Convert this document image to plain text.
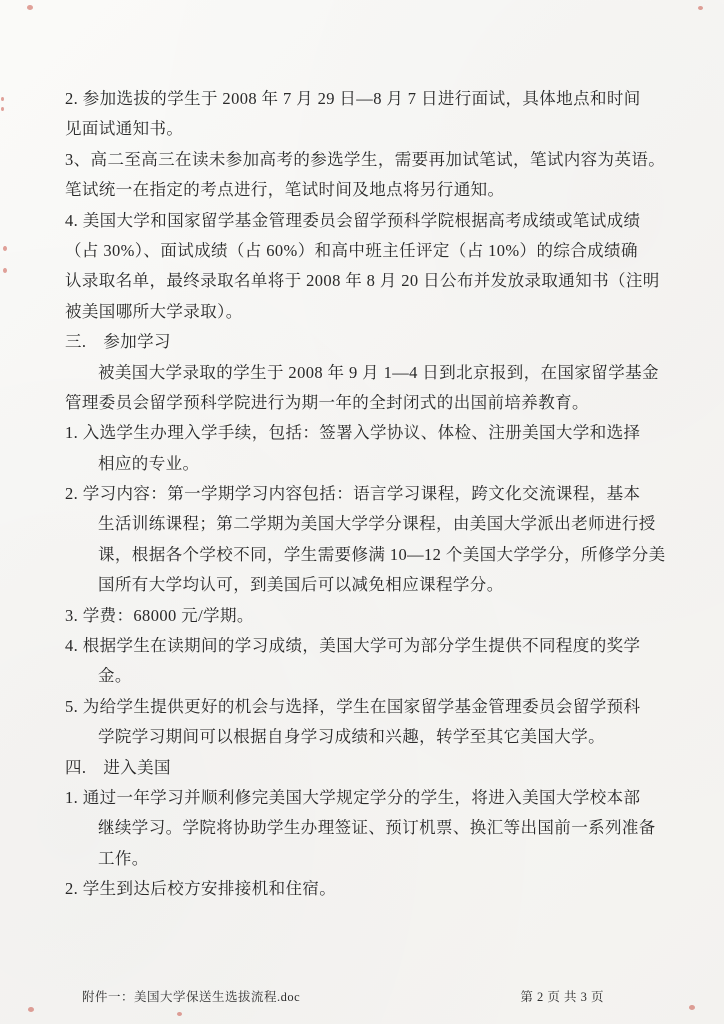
2. 参加选拔的学生于 2008 年 7 月 29 日—8 月 7 日进行面试，具体地点和时间
见面试通知书。
3、高二至高三在读未参加高考的参选学生，需要再加试笔试，笔试内容为英语。
笔试统一在指定的考点进行，笔试时间及地点将另行通知。
4. 美国大学和国家留学基金管理委员会留学预科学院根据高考成绩或笔试成绩
（占 30%）、面试成绩（占 60%）和高中班主任评定（占 10%）的综合成绩确
认录取名单，最终录取名单将于 2008 年 8 月 20 日公布并发放录取通知书（注明
被美国哪所大学录取）。
三.　参加学习
被美国大学录取的学生于 2008 年 9 月 1—4 日到北京报到，在国家留学基金
管理委员会留学预科学院进行为期一年的全封闭式的出国前培养教育。
1. 入选学生办理入学手续，包括：签署入学协议、体检、注册美国大学和选择
相应的专业。
2. 学习内容：第一学期学习内容包括：语言学习课程，跨文化交流课程，基本
生活训练课程；第二学期为美国大学学分课程，由美国大学派出老师进行授
课，根据各个学校不同，学生需要修满 10—12 个美国大学学分，所修学分美
国所有大学均认可，到美国后可以减免相应课程学分。
3. 学费：68000 元/学期。
4. 根据学生在读期间的学习成绩，美国大学可为部分学生提供不同程度的奖学
金。
5. 为给学生提供更好的机会与选择，学生在国家留学基金管理委员会留学预科
学院学习期间可以根据自身学习成绩和兴趣，转学至其它美国大学。
四.　进入美国
1. 通过一年学习并顺利修完美国大学规定学分的学生，将进入美国大学校本部
继续学习。学院将协助学生办理签证、预订机票、换汇等出国前一系列准备
工作。
2. 学生到达后校方安排接机和住宿。
附件一：美国大学保送生选拔流程.doc	第 2 页 共 3 页
